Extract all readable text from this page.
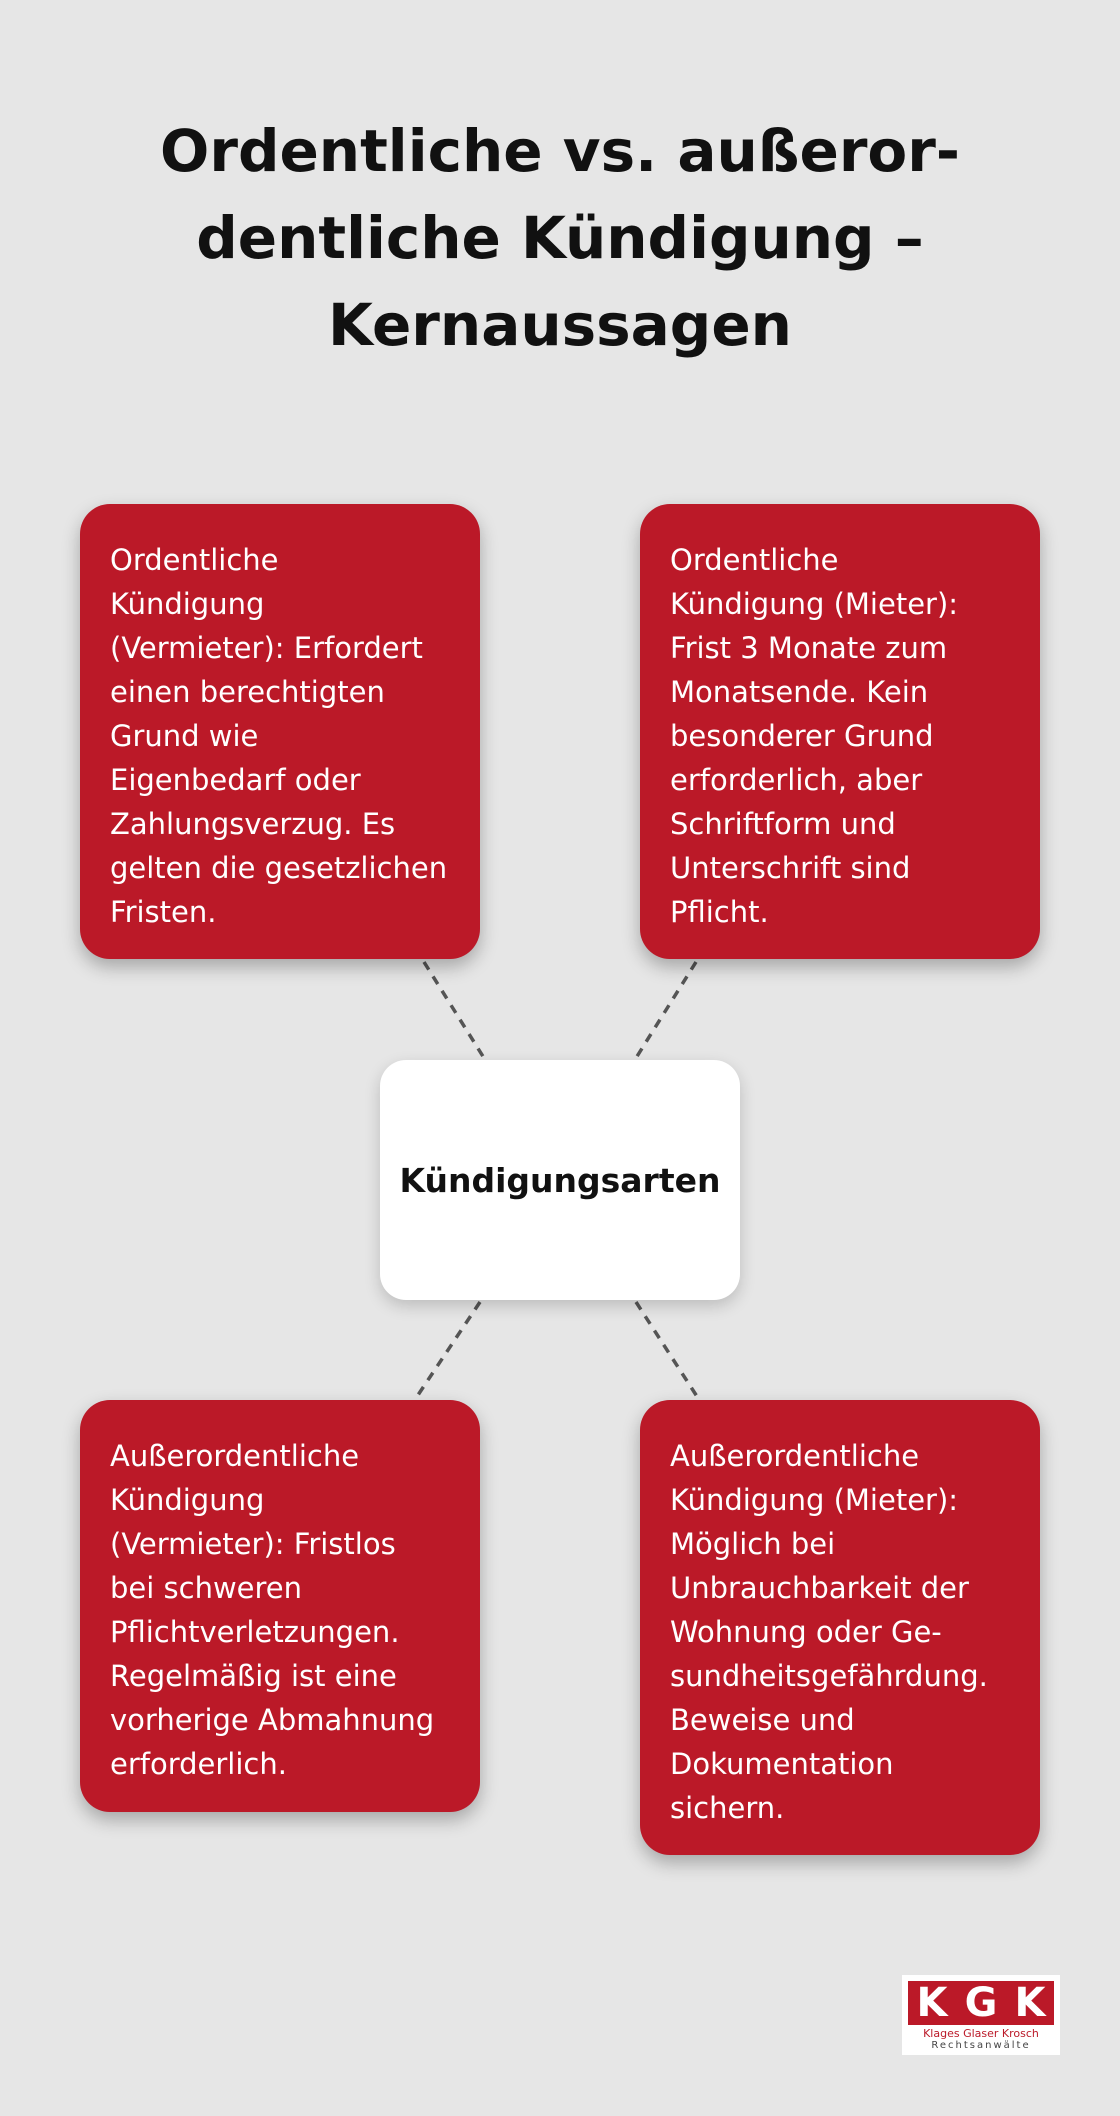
Ordentliche vs. außeror-
dentliche Kündigung –
Kernaussagen

Ordentliche
Kündigung
(Vermieter): Erfordert
einen berechtigten
Grund wie
Eigenbedarf oder
Zahlungsverzug. Es
gelten die gesetzlichen
Fristen.

Ordentliche
Kündigung (Mieter):
Frist 3 Monate zum
Monatsende. Kein
besonderer Grund
erforderlich, aber
Schriftform und
Unterschrift sind
Pflicht.

Kündigungsarten

Außerordentliche
Kündigung
(Vermieter): Fristlos
bei schweren
Pflichtverletzungen.
Regelmäßig ist eine
vorherige Abmahnung
erforderlich.

Außerordentliche
Kündigung (Mieter):
Möglich bei
Unbrauchbarkeit der
Wohnung oder Ge-
sundheitsgefährdung.
Beweise und
Dokumentation
sichern.

K G K
Klages Glaser Krosch
Rechtsanwälte
